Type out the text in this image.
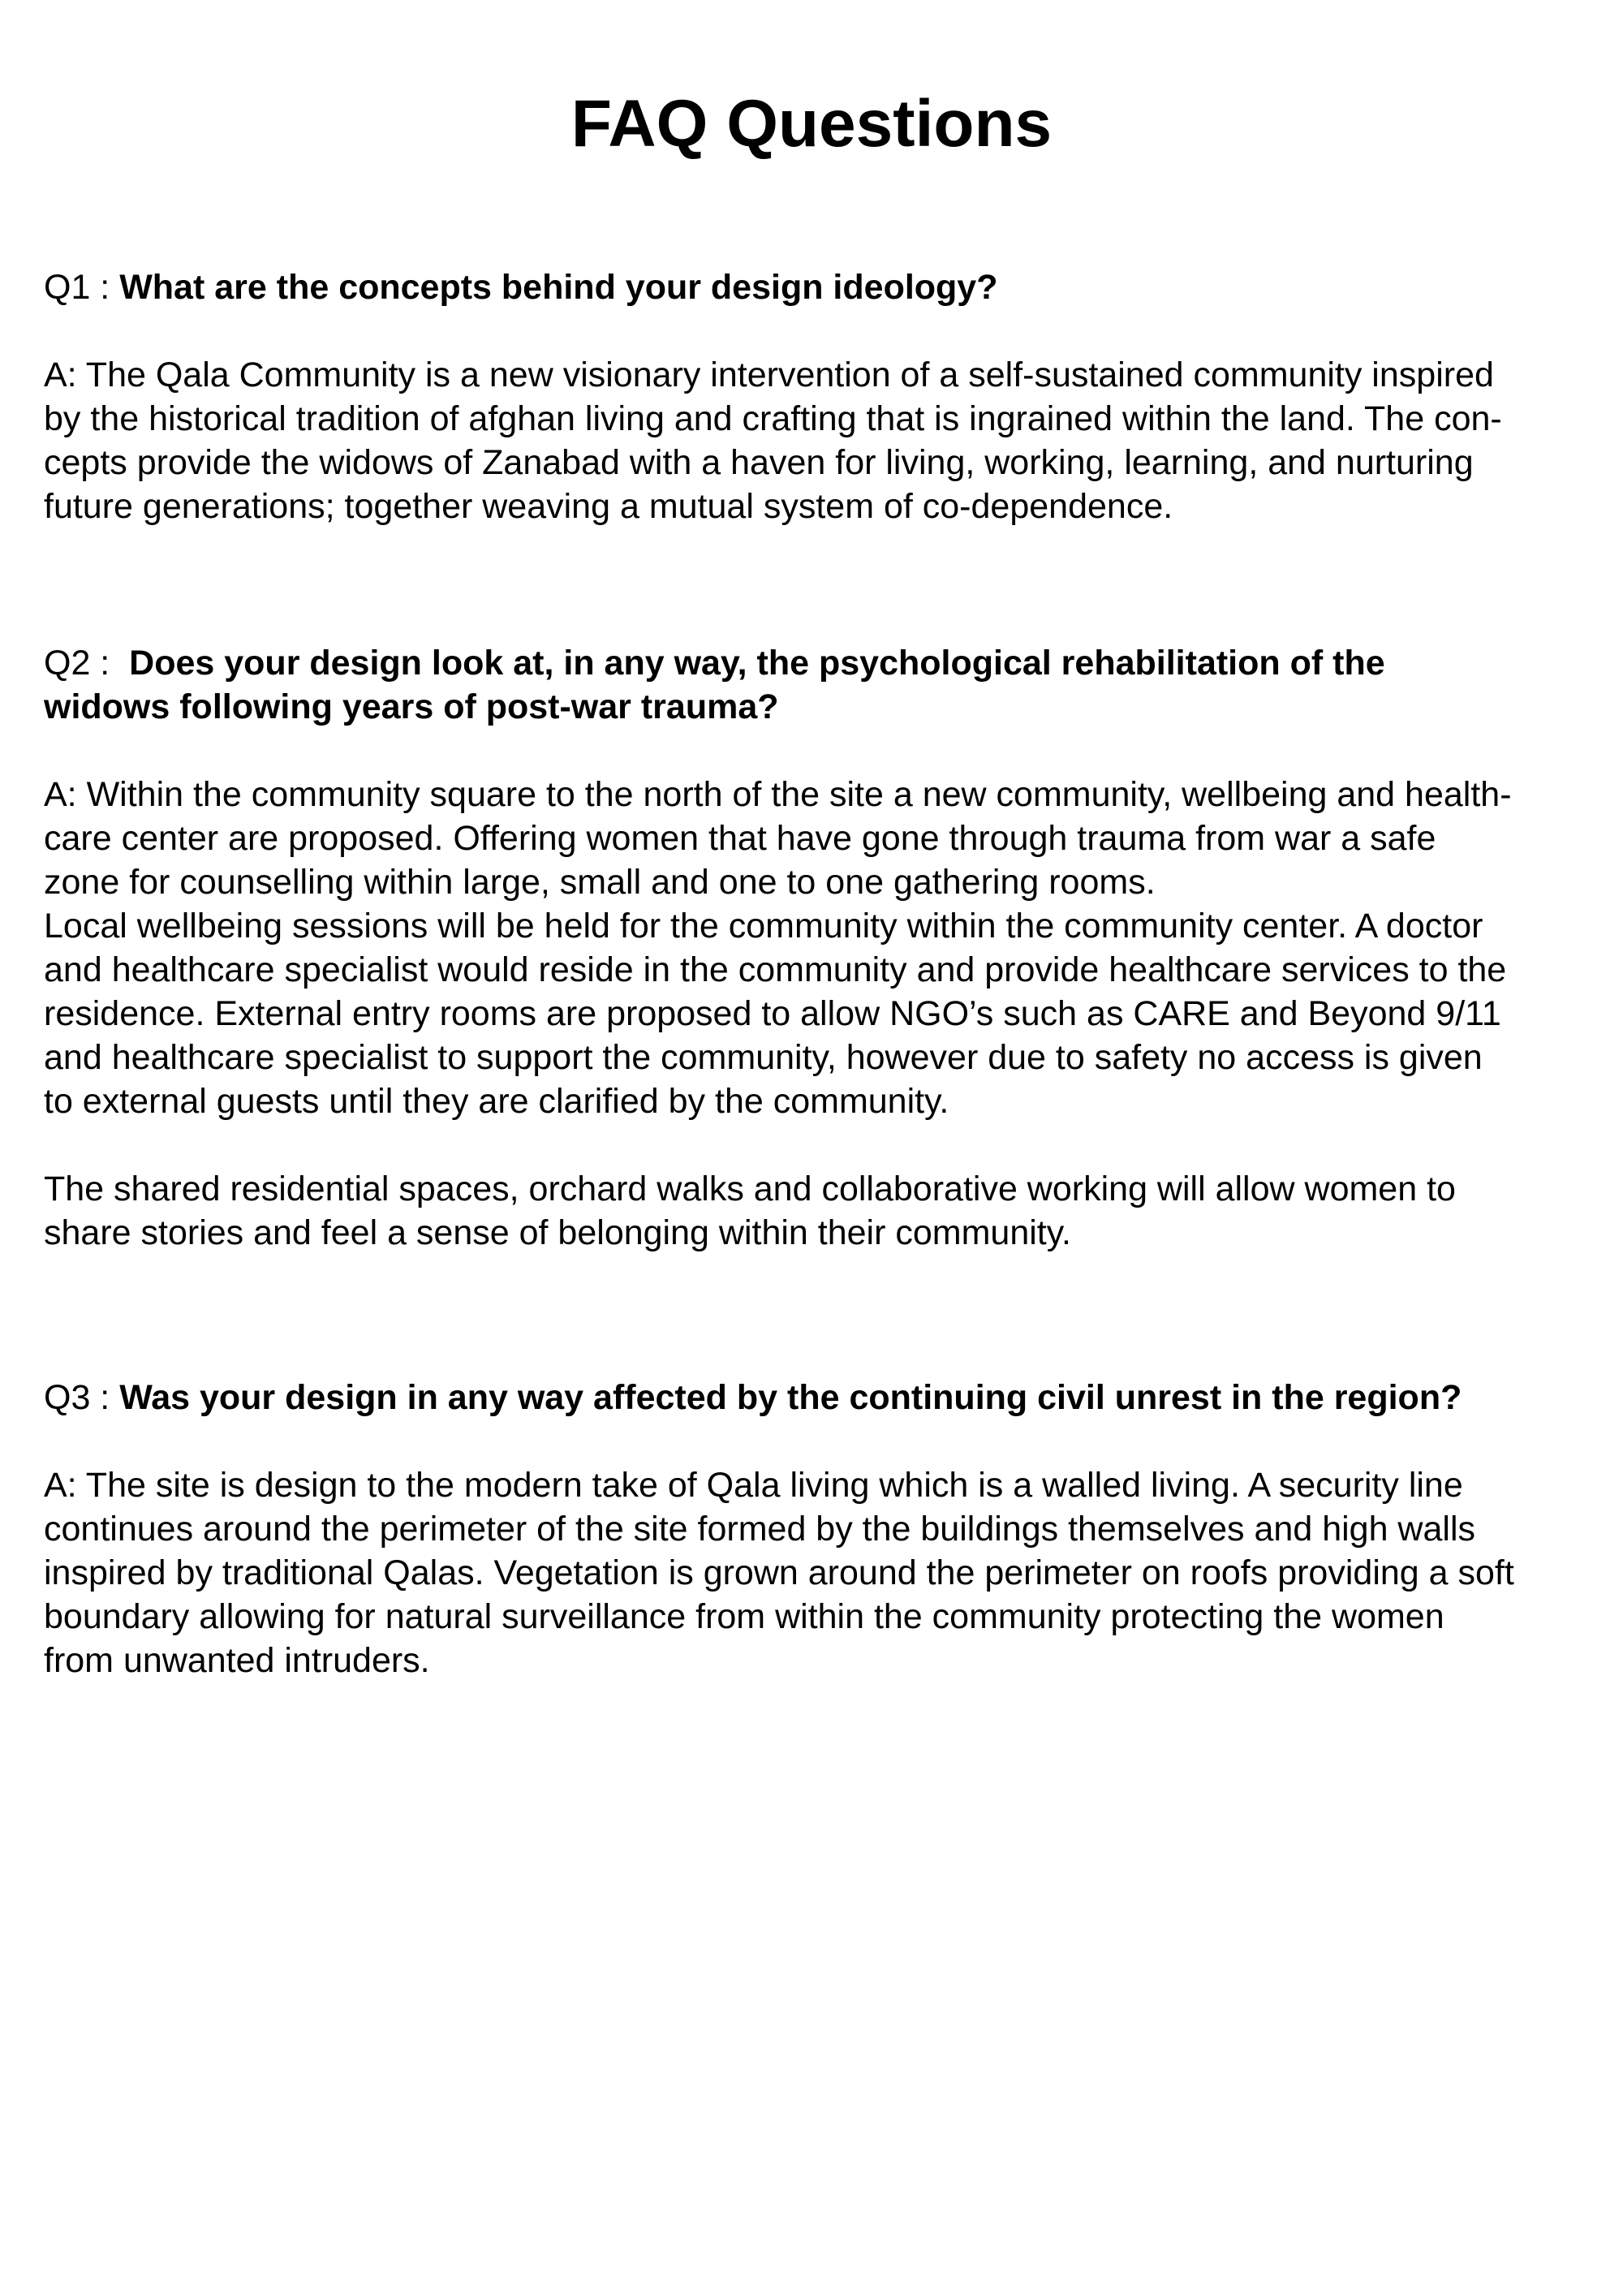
FAQ Questions

Q1 : What are the concepts behind your design ideology?

A: The Qala Community is a new visionary intervention of a self-sustained community inspired
by the historical tradition of afghan living and crafting that is ingrained within the land. The con-
cepts provide the widows of Zanabad with a haven for living, working, learning, and nurturing
future generations; together weaving a mutual system of co-dependence.

Q2 :  Does your design look at, in any way, the psychological rehabilitation of the
widows following years of post-war trauma?

A: Within the community square to the north of the site a new community, wellbeing and health-
care center are proposed. Offering women that have gone through trauma from war a safe
zone for counselling within large, small and one to one gathering rooms.
Local wellbeing sessions will be held for the community within the community center. A doctor
and healthcare specialist would reside in the community and provide healthcare services to the
residence. External entry rooms are proposed to allow NGO’s such as CARE and Beyond 9/11
and healthcare specialist to support the community, however due to safety no access is given
to external guests until they are clarified by the community.
The shared residential spaces, orchard walks and collaborative working will allow women to
share stories and feel a sense of belonging within their community.

Q3 : Was your design in any way affected by the continuing civil unrest in the region?

A: The site is design to the modern take of Qala living which is a walled living. A security line
continues around the perimeter of the site formed by the buildings themselves and high walls
inspired by traditional Qalas. Vegetation is grown around the perimeter on roofs providing a soft
boundary allowing for natural surveillance from within the community protecting the women
from unwanted intruders.
